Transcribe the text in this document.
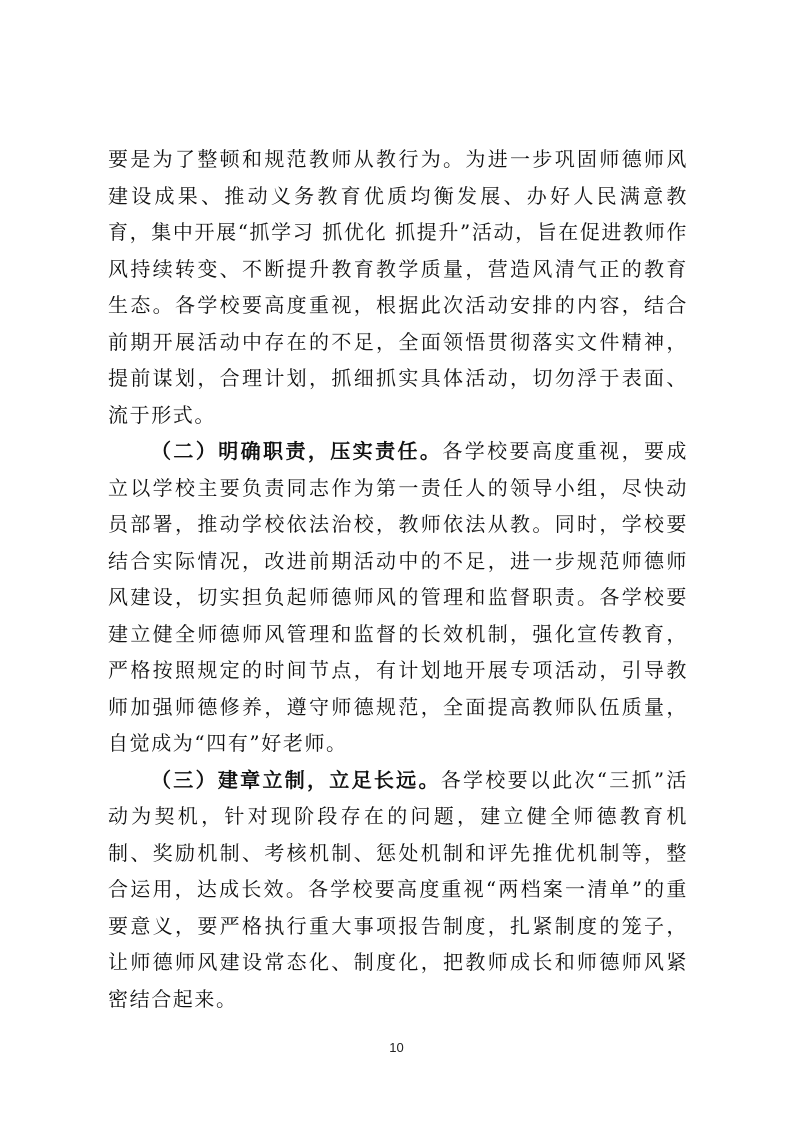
要是为了整顿和规范教师从教行为。为进一步巩固师德师风建设成果、推动义务教育优质均衡发展、办好人民满意教育，集中开展“抓学习 抓优化 抓提升”活动，旨在促进教师作风持续转变、不断提升教育教学质量，营造风清气正的教育生态。各学校要高度重视，根据此次活动安排的内容，结合前期开展活动中存在的不足，全面领悟贯彻落实文件精神，提前谋划，合理计划，抓细抓实具体活动，切勿浮于表面、流于形式。

（二）明确职责，压实责任。各学校要高度重视，要成立以学校主要负责同志作为第一责任人的领导小组，尽快动员部署，推动学校依法治校，教师依法从教。同时，学校要结合实际情况，改进前期活动中的不足，进一步规范师德师风建设，切实担负起师德师风的管理和监督职责。各学校要建立健全师德师风管理和监督的长效机制，强化宣传教育，严格按照规定的时间节点，有计划地开展专项活动，引导教师加强师德修养，遵守师德规范，全面提高教师队伍质量，自觉成为“四有”好老师。

（三）建章立制，立足长远。各学校要以此次“三抓”活动为契机，针对现阶段存在的问题，建立健全师德教育机制、奖励机制、考核机制、惩处机制和评先推优机制等，整合运用，达成长效。各学校要高度重视“两档案一清单”的重要意义，要严格执行重大事项报告制度，扎紧制度的笼子，让师德师风建设常态化、制度化，把教师成长和师德师风紧密结合起来。

10
